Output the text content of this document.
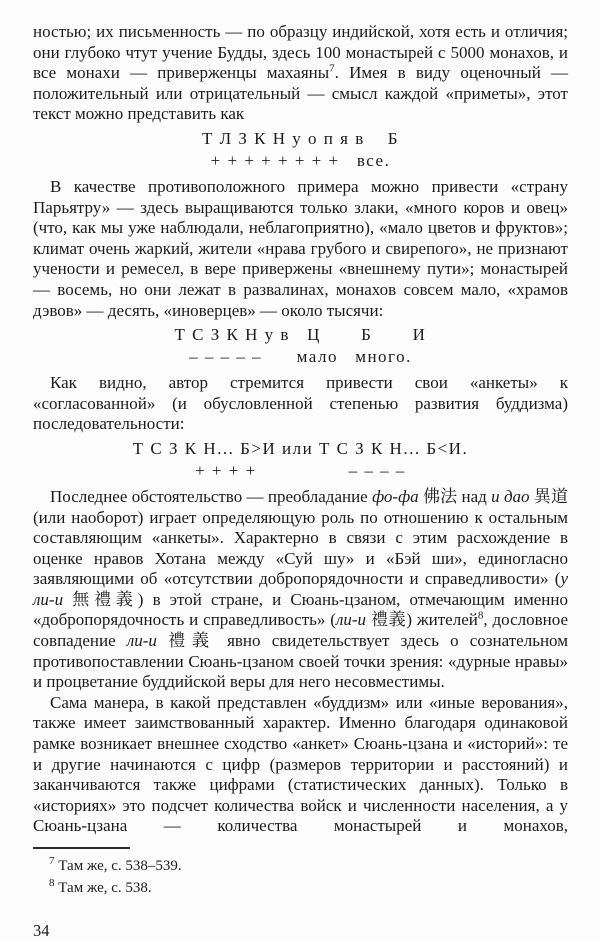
ностью; их письменность — по образцу индийской, хотя есть и отличия; они глубоко чтут учение Будды, здесь 100 монастырей с 5000 монахов, и все монахи — приверженцы махаяны$^7$. Имея в виду оценочный — положительный или отрицательный — смысл каждой «приметы», этот текст можно представить как

Т Л З К Н у о п я в    Б
+ + + + + + + +   все.

В качестве противоположного примера можно привести «страну Парьятру» — здесь выращиваются только злаки, «много коров и овец» (что, как мы уже наблюдали, неблагоприятно), «мало цветов и фруктов»; климат очень жаркий, жители «нрава грубого и свирепого», не признают учености и ремесел, в вере привержены «внешнему пути»; монастырей — восемь, но они лежат в развалинах, монахов совсем мало, «храмов дэвов» — десять, «иноверцев» — около тысячи:

Т С З К Н у в   Ц       Б       И
– – – – –      мало   много.

Как видно, автор стремится привести свои «анкеты» к «согласованной» (и обусловленной степенью развития буддизма) последовательности:

Т С З К Н... Б>И или Т С З К Н... Б<И.
+ + + +                – – – –

Последнее обстоятельство — преобладание фо-фа 佛法 над и дао 異道 (или наоборот) играет определяющую роль по отношению к остальным составляющим «анкеты». Характерно в связи с этим расхождение в оценке нравов Хотана между «Суй шу» и «Бэй ши», единогласно заявляющими об «отсутствии добропорядочности и справедливости» (у ли-и 無禮義) в этой стране, и Сюань-цзаном, отмечающим именно «добропорядочность и справедливость» (ли-и 禮義) жителей$^8$, дословное совпадение ли-и 禮義 явно свидетельствует здесь о сознательном противопоставлении Сюань-цзаном своей точки зрения: «дурные нравы» и процветание буддийской веры для него несовместимы.

Сама манера, в какой представлен «буддизм» или «иные верования», также имеет заимствованный характер. Именно благодаря одинаковой рамке возникает внешнее сходство «анкет» Сюань-цзана и «историй»: те и другие начинаются с цифр (размеров территории и расстояний) и заканчиваются также цифрами (статистических данных). Только в «историях» это подсчет количества войск и численности населения, а у Сюань-цзана — количества монастырей и монахов,

$^7$ Там же, с. 538–539.
$^8$ Там же, с. 538.
34
